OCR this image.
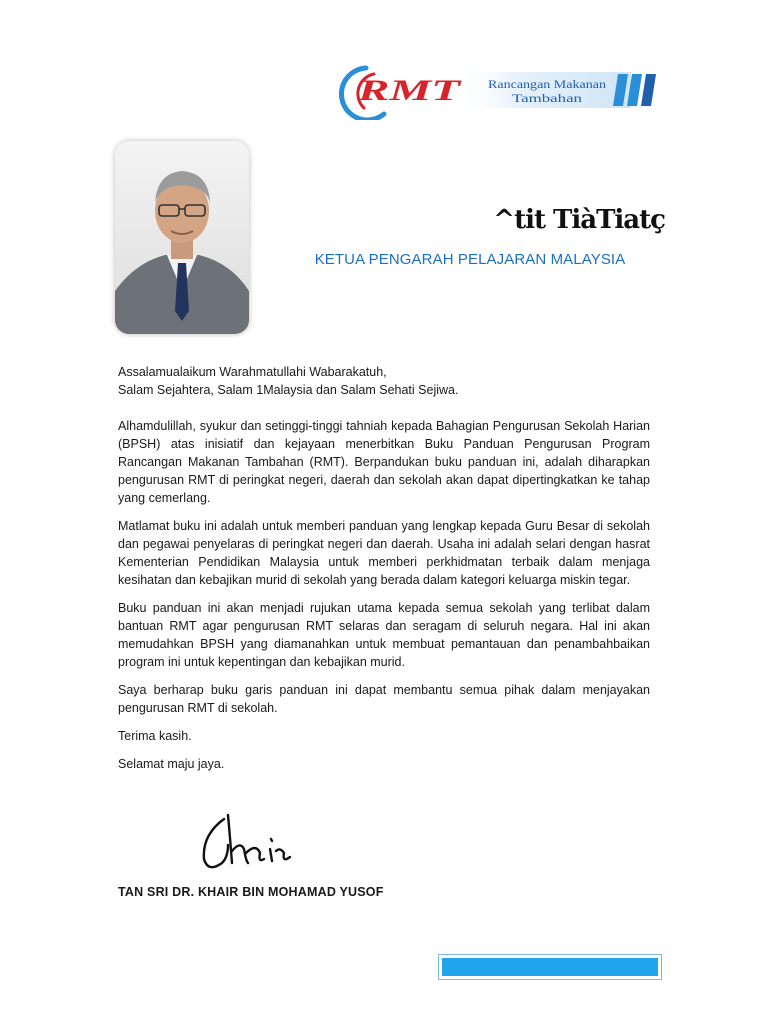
RMT Rancangan Makanan
Tambahan
^tit TiàTiatç
KETUA PENGARAH PELAJARAN MALAYSIA

Assalamualaikum Warahmatullahi Wabarakatuh,
Salam Sejahtera, Salam 1Malaysia dan Salam Sehati Sejiwa.

Alhamdulillah, syukur dan setinggi-tinggi tahniah kepada Bahagian Pengurusan Sekolah Harian (BPSH) atas inisiatif dan kejayaan menerbitkan Buku Panduan Pengurusan Program Rancangan Makanan Tambahan (RMT). Berpandukan buku panduan ini, adalah diharapkan pengurusan RMT di peringkat negeri, daerah dan sekolah akan dapat dipertingkatkan ke tahap yang cemerlang.

Matlamat buku ini adalah untuk memberi panduan yang lengkap kepada Guru Besar di sekolah dan pegawai penyelaras di peringkat negeri dan daerah. Usaha ini adalah selari dengan hasrat Kementerian Pendidikan Malaysia untuk memberi perkhidmatan terbaik dalam menjaga kesihatan dan kebajikan murid di sekolah yang berada dalam kategori keluarga miskin tegar.

Buku panduan ini akan menjadi rujukan utama kepada semua sekolah yang terlibat dalam bantuan RMT agar pengurusan RMT selaras dan seragam di seluruh negara. Hal ini akan memudahkan BPSH yang diamanahkan untuk membuat pemantauan dan penambahbaikan program ini untuk kepentingan dan kebajikan murid.

Saya berharap buku garis panduan ini dapat membantu semua pihak dalam menjayakan pengurusan RMT di sekolah.

Terima kasih.

Selamat maju jaya.

TAN SRI DR. KHAIR BIN MOHAMAD YUSOF
